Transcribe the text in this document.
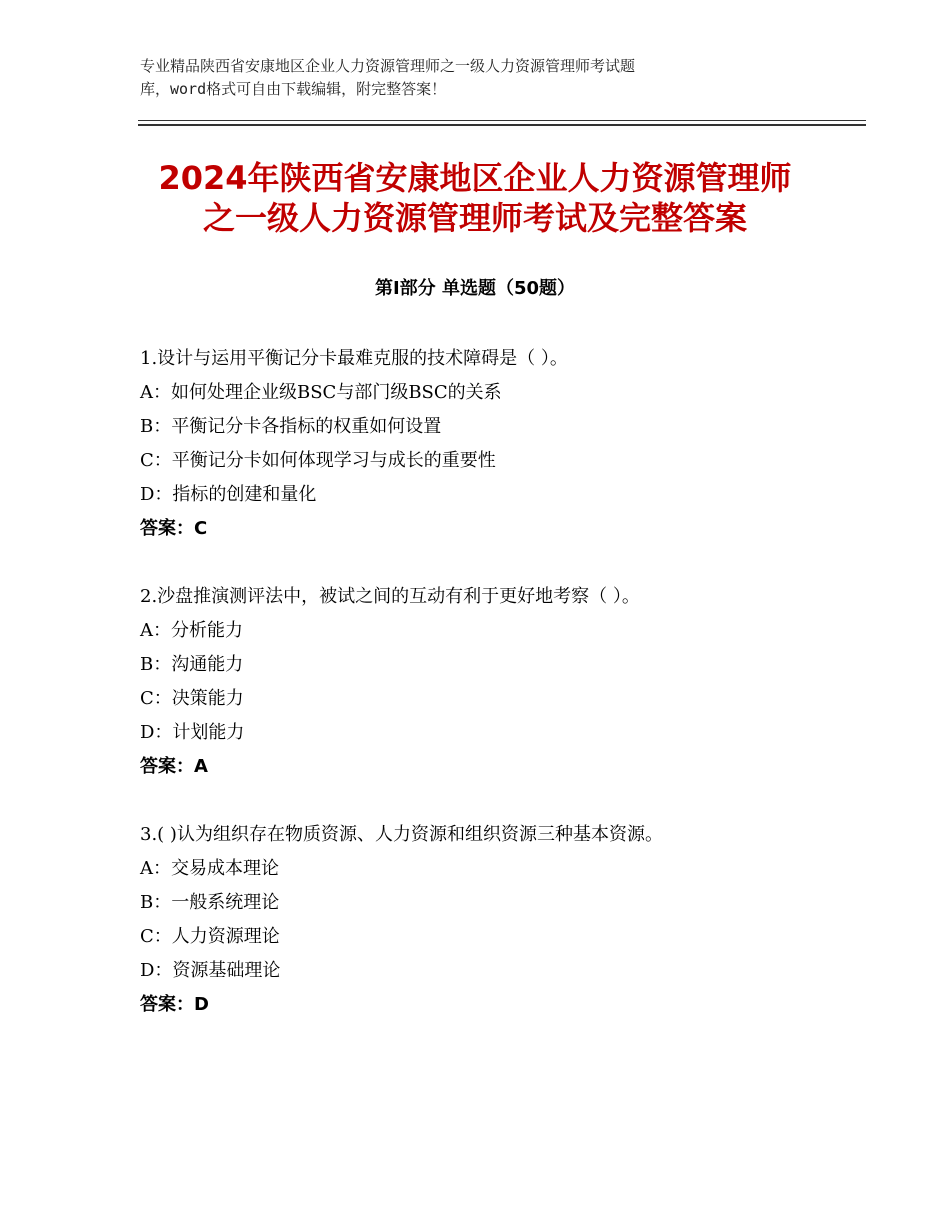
专业精品陕西省安康地区企业人力资源管理师之一级人力资源管理师考试题
库，word格式可自由下载编辑，附完整答案！
2024年陕西省安康地区企业人力资源管理师
之一级人力资源管理师考试及完整答案
第Ⅰ部分 单选题（50题）
1.设计与运用平衡记分卡最难克服的技术障碍是（ ）。
A：如何处理企业级BSC与部门级BSC的关系
B：平衡记分卡各指标的权重如何设置
C：平衡记分卡如何体现学习与成长的重要性
D：指标的创建和量化
答案：C
2.沙盘推演测评法中，被试之间的互动有利于更好地考察（ ）。
A：分析能力
B：沟通能力
C：决策能力
D：计划能力
答案：A
3.( )认为组织存在物质资源、人力资源和组织资源三种基本资源。
A：交易成本理论
B：一般系统理论
C：人力资源理论
D：资源基础理论
答案：D
